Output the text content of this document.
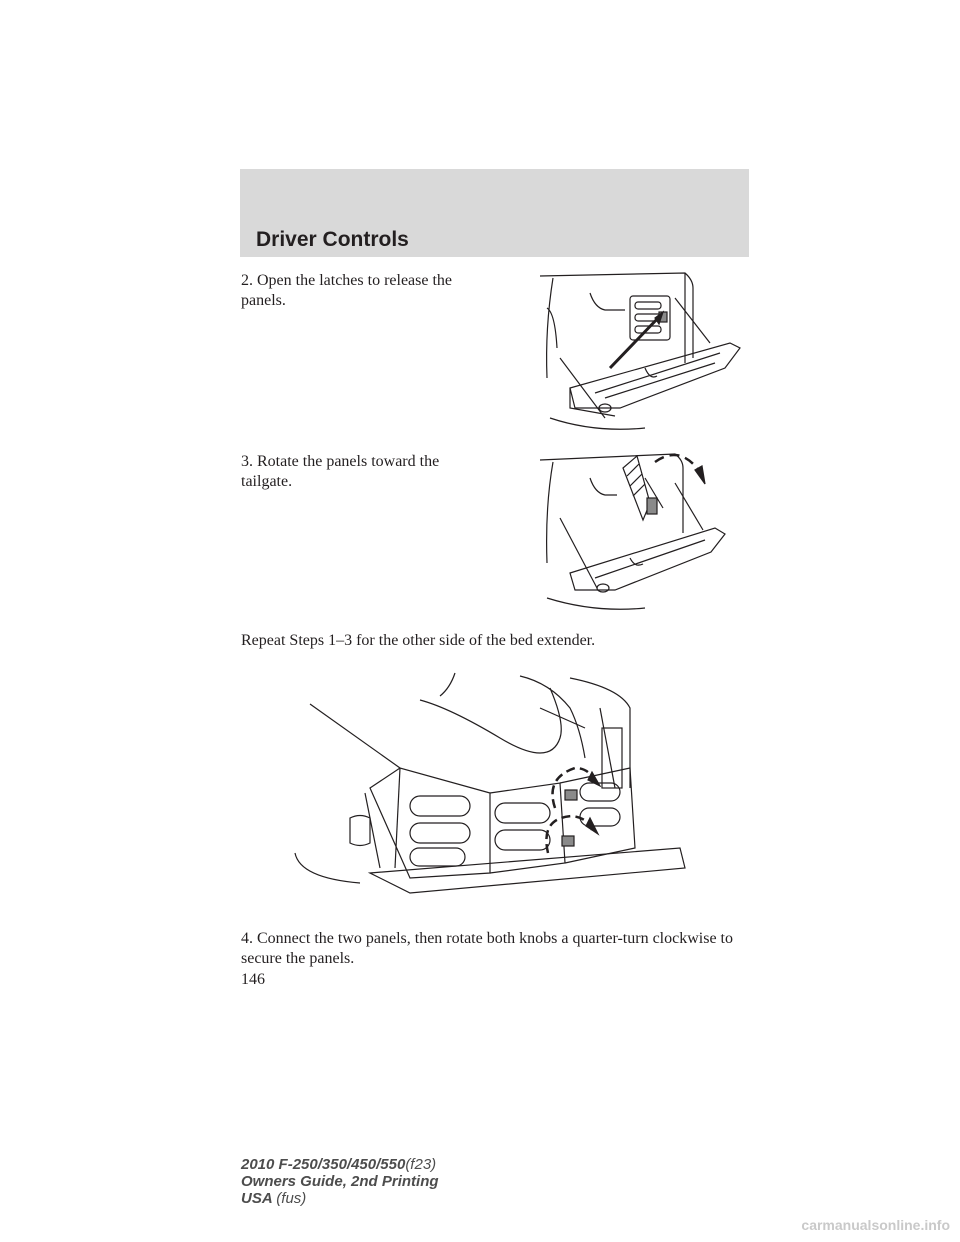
Driver Controls
2. Open the latches to release the panels.
3. Rotate the panels toward the tailgate.
Repeat Steps 1–3 for the other side of the bed extender.
4. Connect the two panels, then rotate both knobs a quarter-turn clockwise to secure the panels.
146
2010 F-250/350/450/550(f23)
Owners Guide, 2nd Printing
USA (fus)
carmanualsonline.info
